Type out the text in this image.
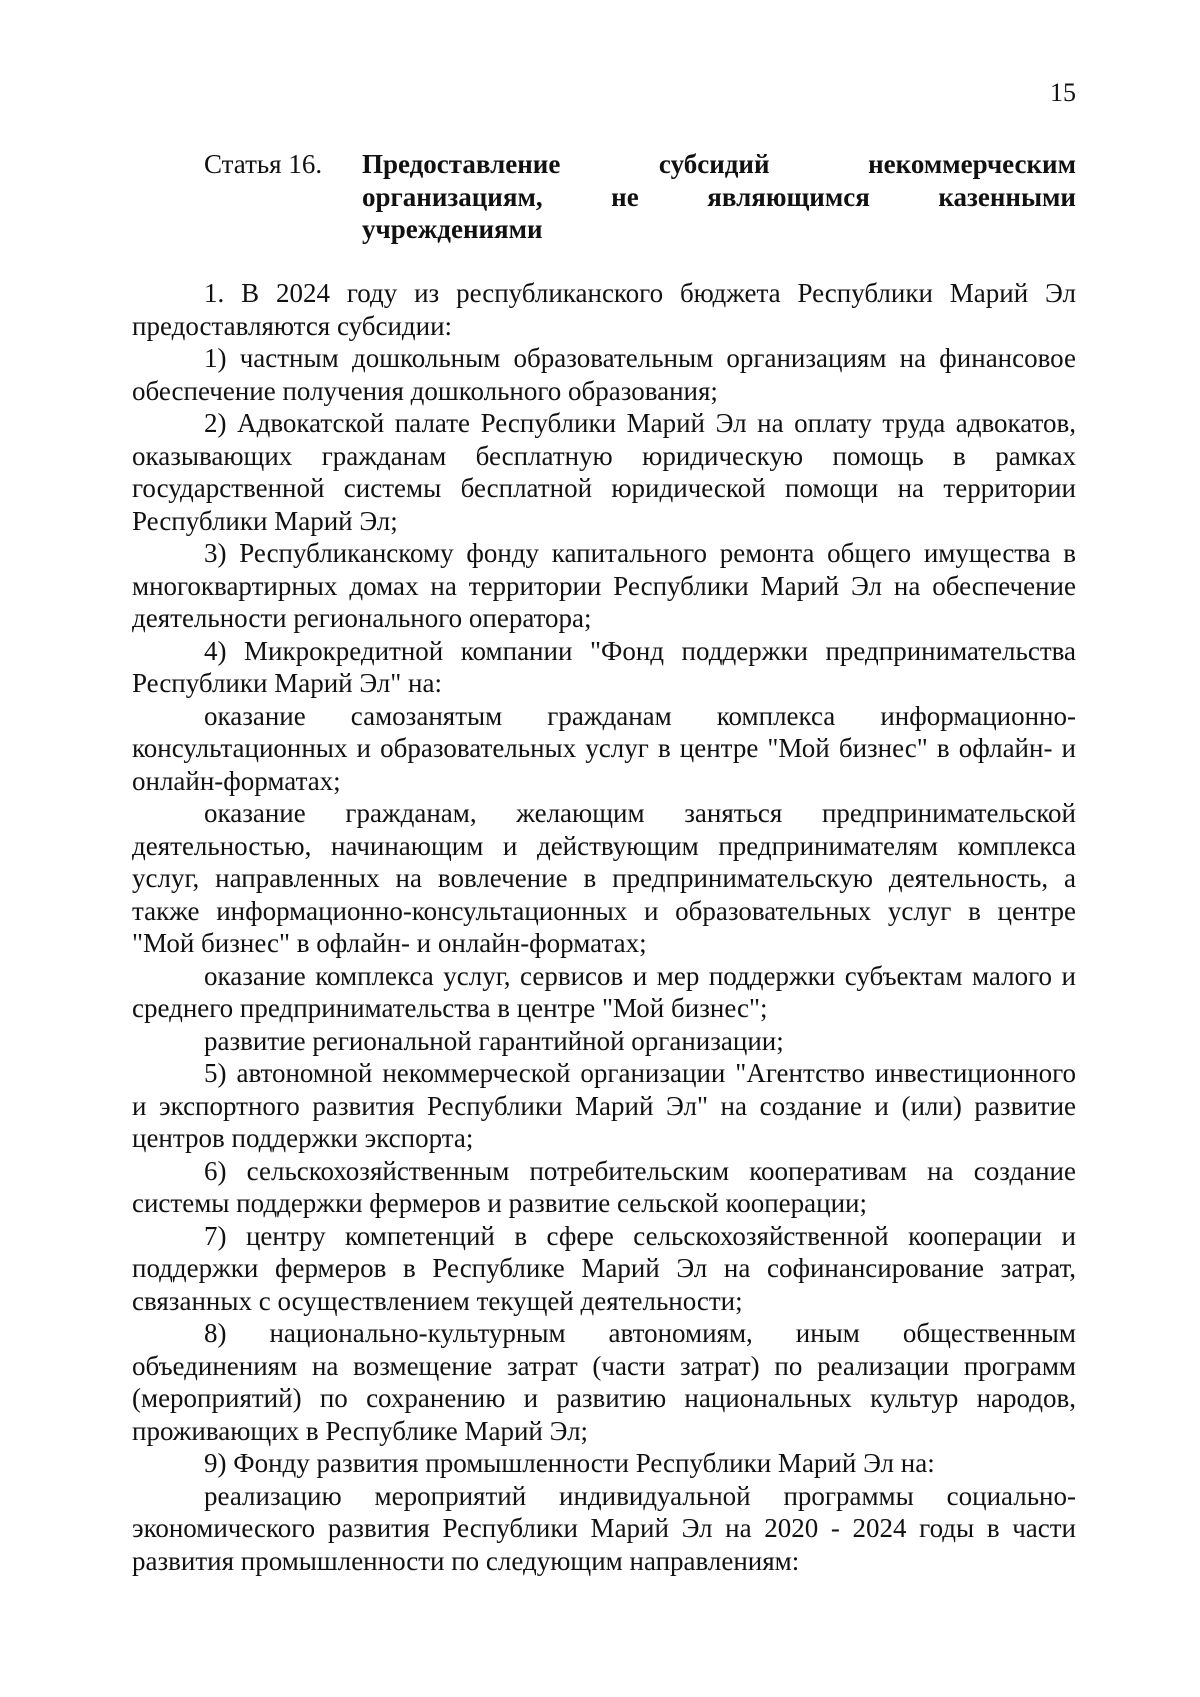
15
Статья 16. Предоставление субсидий некоммерческим
организациям, не являющимся казенными
учреждениями

1. В 2024 году из республиканского бюджета Республики Марий Эл предоставляются субсидии:

1) частным дошкольным образовательным организациям на финансовое обеспечение получения дошкольного образования;

2) Адвокатской палате Республики Марий Эл на оплату труда адвокатов, оказывающих гражданам бесплатную юридическую помощь в рамках государственной системы бесплатной юридической помощи на территории Республики Марий Эл;

3) Республиканскому фонду капитального ремонта общего имущества в многоквартирных домах на территории Республики Марий Эл на обеспечение деятельности регионального оператора;

4) Микрокредитной компании "Фонд поддержки предпринимательства Республики Марий Эл" на:

оказание самозанятым гражданам комплекса информационно-консультационных и образовательных услуг в центре "Мой бизнес" в офлайн- и онлайн-форматах;

оказание гражданам, желающим заняться предпринимательской деятельностью, начинающим и действующим предпринимателям комплекса услуг, направленных на вовлечение в предпринимательскую деятельность, а также информационно-консультационных и образовательных услуг в центре "Мой бизнес" в офлайн- и онлайн-форматах;

оказание комплекса услуг, сервисов и мер поддержки субъектам малого и среднего предпринимательства в центре "Мой бизнес";

развитие региональной гарантийной организации;

5) автономной некоммерческой организации "Агентство инвестиционного и экспортного развития Республики Марий Эл" на создание и (или) развитие центров поддержки экспорта;

6) сельскохозяйственным потребительским кооперативам на создание системы поддержки фермеров и развитие сельской кооперации;

7) центру компетенций в сфере сельскохозяйственной кооперации и поддержки фермеров в Республике Марий Эл на софинансирование затрат, связанных с осуществлением текущей деятельности;

8) национально-культурным автономиям, иным общественным объединениям на возмещение затрат (части затрат) по реализации программ (мероприятий) по сохранению и развитию национальных культур народов, проживающих в Республике Марий Эл;

9) Фонду развития промышленности Республики Марий Эл на:

реализацию мероприятий индивидуальной программы социально-экономического развития Республики Марий Эл на 2020 - 2024 годы в части развития промышленности по следующим направлениям:
